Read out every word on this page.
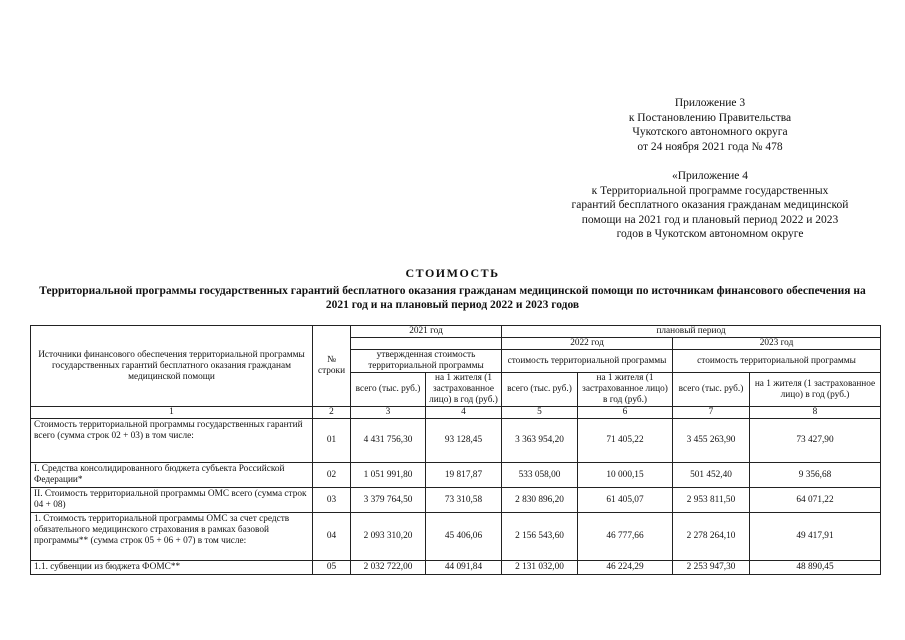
Приложение 3
к Постановлению Правительства
Чукотского автономного округа
от 24 ноября 2021 года № 478
«Приложение 4
к Территориальной программе государственных
гарантий бесплатного оказания гражданам медицинской
помощи на 2021 год и плановый период 2022 и 2023
годов в Чукотском автономном округе
СТОИМОСТЬ
Территориальной программы государственных гарантий бесплатного оказания гражданам медицинской помощи по источникам финансового обеспечения на 2021 год и на плановый период 2022 и 2023 годов
Источники финансового обеспечения территориальной программы государственных гарантий бесплатного оказания гражданам медицинской помощи	№ строки	2021 год		плановый период			
				2022 год		2023 год	
		утвержденная стоимость территориальной программы		стоимость территориальной программы		стоимость территориальной программы	
		всего (тыс. руб.)	на 1 жителя (1 застрахованное лицо) в год (руб.)	всего (тыс. руб.)	на 1 жителя (1 застрахованное лицо) в год (руб.)	всего (тыс. руб.)	на 1 жителя (1 застрахованное лицо) в год (руб.)
1	2	3	4	5	6	7	8
Стоимость территориальной программы государственных гарантий всего (сумма строк 02 + 03) в том числе:	01	4 431 756,30	93 128,45	3 363 954,20	71 405,22	3 455 263,90	73 427,90
I. Средства консолидированного бюджета субъекта Российской Федерации*	02	1 051 991,80	19 817,87	533 058,00	10 000,15	501 452,40	9 356,68
II. Стоимость территориальной программы ОМС всего (сумма строк 04 + 08)	03	3 379 764,50	73 310,58	2 830 896,20	61 405,07	2 953 811,50	64 071,22
1. Стоимость территориальной программы ОМС за счет средств обязательного медицинского страхования в рамках базовой программы** (сумма строк 05 + 06 + 07) в том числе:	04	2 093 310,20	45 406,06	2 156 543,60	46 777,66	2 278 264,10	49 417,91
1.1. субвенции из бюджета ФОМС**	05	2 032 722,00	44 091,84	2 131 032,00	46 224,29	2 253 947,30	48 890,45
